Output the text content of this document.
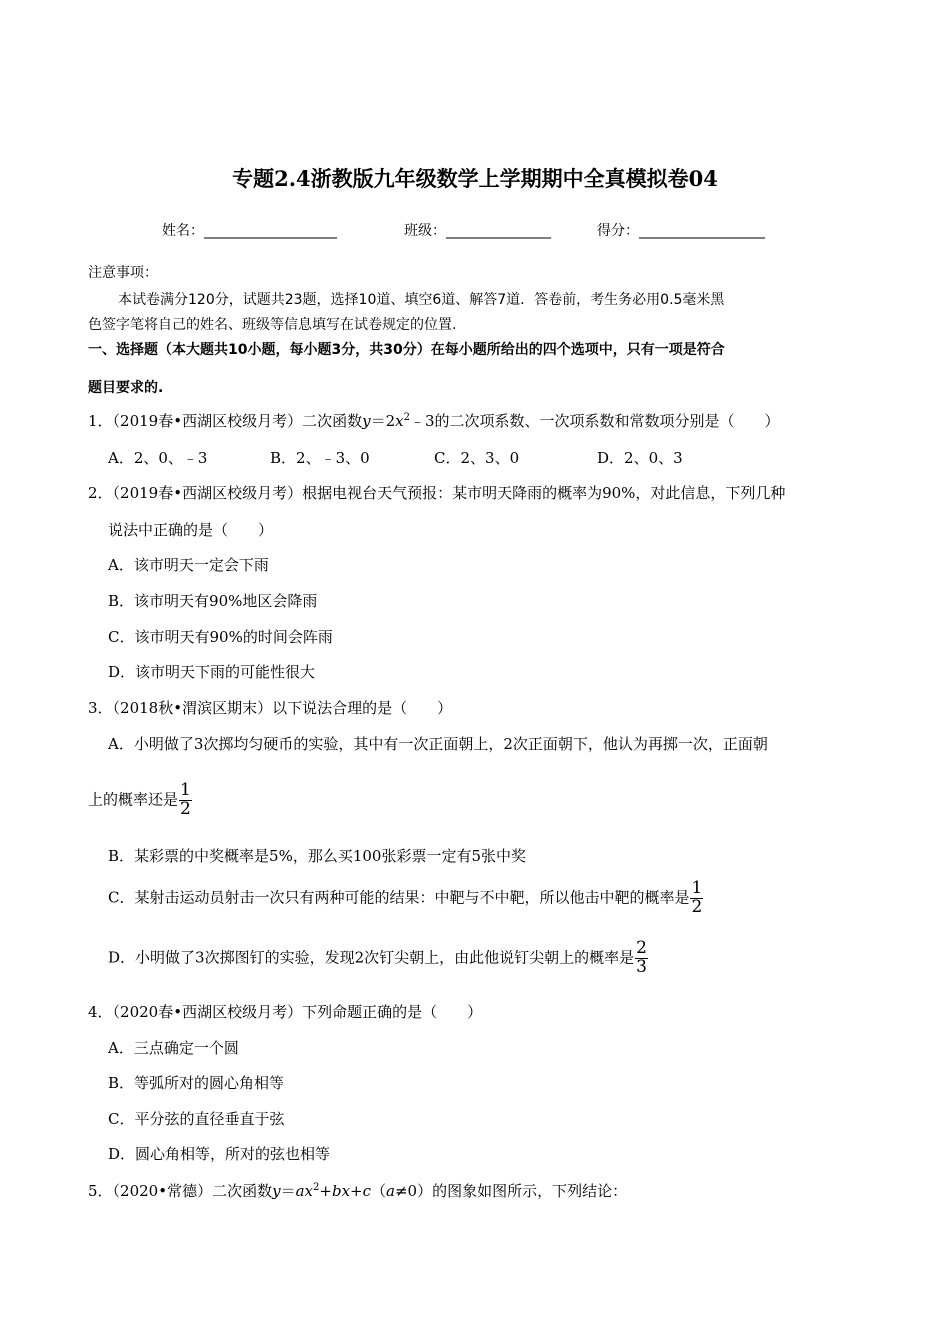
专题2.4浙教版九年级数学上学期期中全真模拟卷04
姓名：___________________	班级：_______________	得分：__________________
注意事项：
本试卷满分120分，试题共23题，选择10道、填空6道、解答7道．答卷前，考生务必用0.5毫米黑
色签字笔将自己的姓名、班级等信息填写在试卷规定的位置.
一、选择题（本大题共10小题，每小题3分，共30分）在每小题所给出的四个选项中，只有一项是符合
题目要求的.
1．（2019春•西湖区校级月考）二次函数$y=2x^2﹣3$的二次项系数、一次项系数和常数项分别是（　　）
A．2、0、﹣3	B．2、﹣3、0	C．2、3、0	D．2、0、3
2．（2019春•西湖区校级月考）根据电视台天气预报：某市明天降雨的概率为90%，对此信息，下列几种
说法中正确的是（　　）
A．该市明天一定会下雨
B．该市明天有90%地区会降雨
C．该市明天有90%的时间会阵雨
D．该市明天下雨的可能性很大
3．（2018秋•渭滨区期末）以下说法合理的是（　　）
A．小明做了3次掷均匀硬币的实验，其中有一次正面朝上，2次正面朝下，他认为再掷一次，正面朝
上的概率还是 $\frac{1}{2}$
B．某彩票的中奖概率是5%，那么买100张彩票一定有5张中奖
C．某射击运动员射击一次只有两种可能的结果：中靶与不中靶，所以他击中靶的概率是 $\frac{1}{2}$
D．小明做了3次掷图钉的实验，发现2次钉尖朝上，由此他说钉尖朝上的概率是 $\frac{2}{3}$
4．（2020春•西湖区校级月考）下列命题正确的是（　　）
A．三点确定一个圆
B．等弧所对的圆心角相等
C．平分弦的直径垂直于弦
D．圆心角相等，所对的弦也相等
5．（2020•常德）二次函数$y=ax^2+bx+c(a\ne 0)$的图象如图所示，下列结论：
